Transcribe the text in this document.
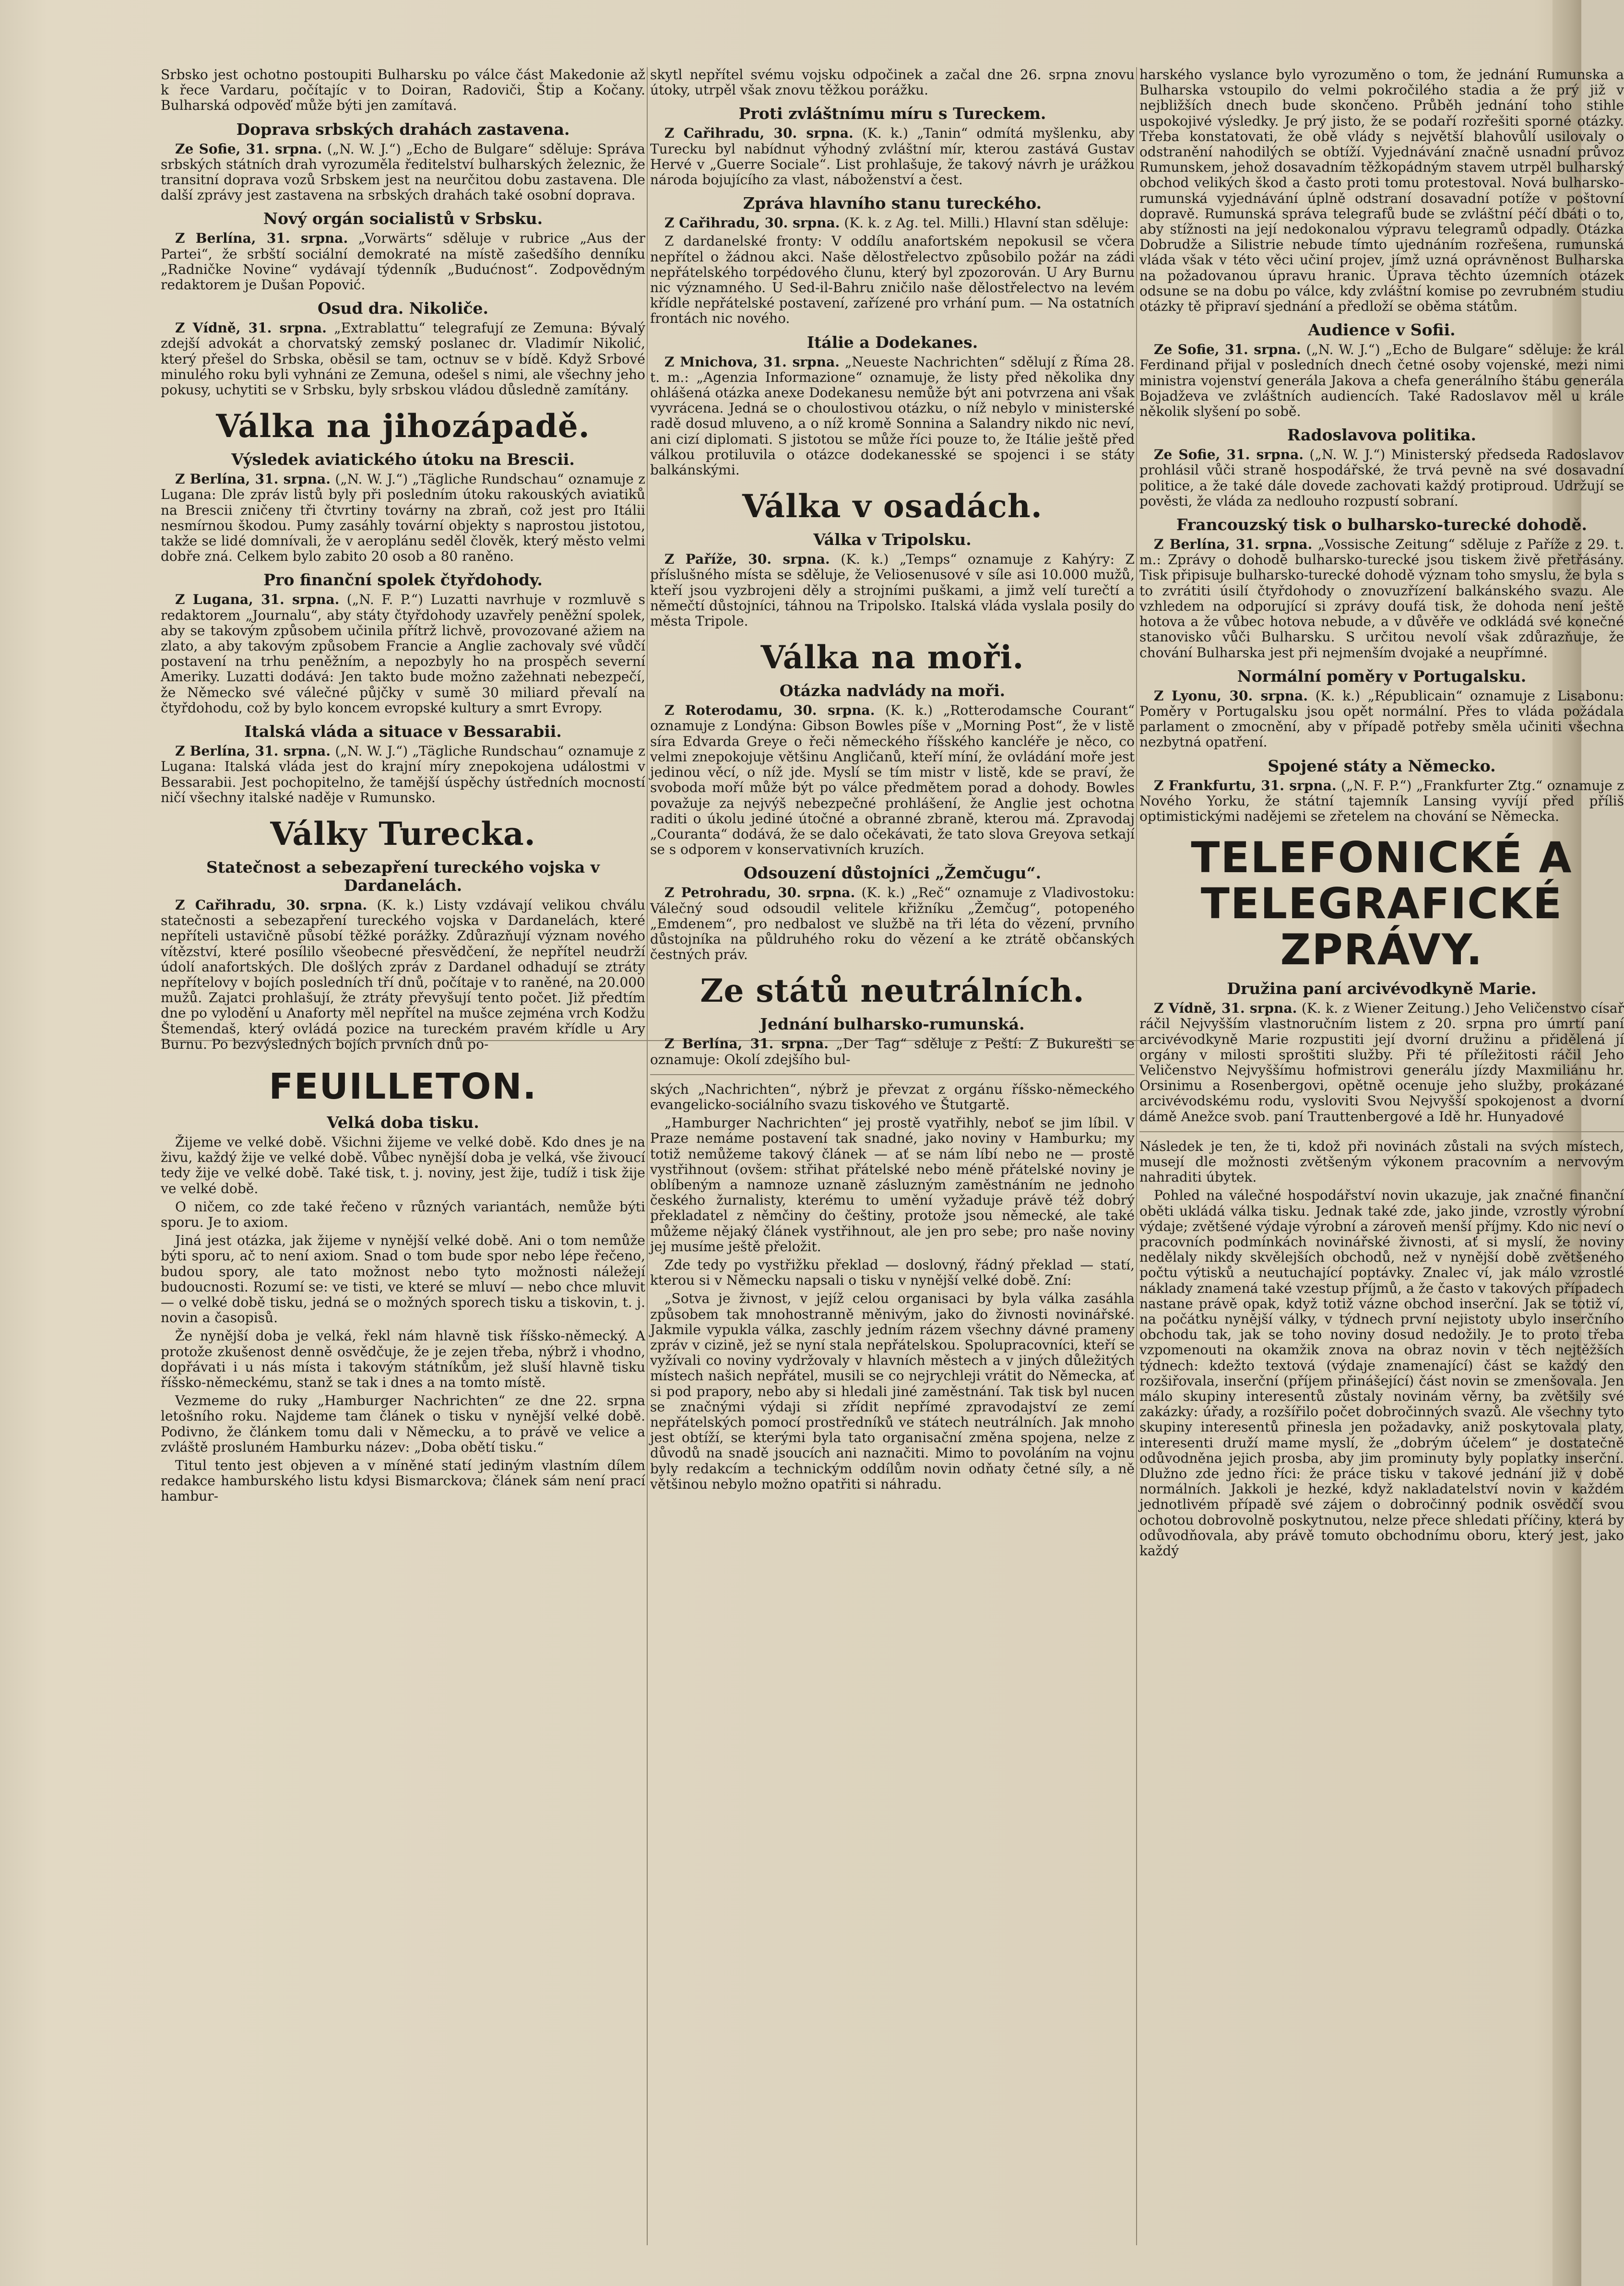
Srbsko jest ochotno postoupiti Bulharsku po válce část Makedonie až k řece Vardaru, počítajíc v to Doiran, Radoviči, Štip a Kočany. Bulharská odpověď může býti jen zamítavá.

Doprava srbských drahách zastavena.

Ze Sofie, 31. srpna. („N. W. J.“) „Echo de Bulgare“ sděluje: Správa srbských státních drah vyrozuměla ředitelství bulharských železnic, že transitní doprava vozů Srbskem jest na neurčitou dobu zastavena. Dle další zprávy jest zastavena na srbských drahách také osobní doprava.

Nový orgán socialistů v Srbsku.

Z Berlína, 31. srpna. „Vorwärts“ sděluje v rubrice „Aus der Partei“, že srbští sociální demokraté na místě zašedšího denníku „Radničke Novine“ vydávají týdenník „Budućnost“. Zodpovědným redaktorem je Dušan Popović.

Osud dra. Nikoliče.

Z Vídně, 31. srpna. „Extrablattu“ telegrafují ze Zemuna: Bývalý zdejší advokát a chorvatský zemský poslanec dr. Vladimír Nikolić, který přešel do Srbska, oběsil se tam, octnuv se v bídě. Když Srbové minulého roku byli vyhnáni ze Zemuna, odešel s nimi, ale všechny jeho pokusy, uchytiti se v Srbsku, byly srbskou vládou důsledně zamítány.

Válka na jihozápadě.
Výsledek aviatického útoku na Brescii.

Z Berlína, 31. srpna. („N. W. J.“) „Tägliche Rundschau“ oznamuje z Lugana: Dle zpráv listů byly při posledním útoku rakouských aviatiků na Brescii zničeny tři čtvrtiny továrny na zbraň, což jest pro Itálii nesmírnou škodou. Pumy zasáhly tovární objekty s naprostou jistotou, takže se lidé domnívali, že v aeroplánu seděl člověk, který město velmi dobře zná. Celkem bylo zabito 20 osob a 80 raněno.

Pro finanční spolek čtyřdohody.

Z Lugana, 31. srpna. („N. F. P.“) Luzatti navrhuje v rozmluvě s redaktorem „Journalu“, aby státy čtyřdohody uzavřely peněžní spolek, aby se takovým způsobem učinila přítrž lichvě, provozované ažiem na zlato, a aby takovým způsobem Francie a Anglie zachovaly své vůdčí postavení na trhu peněžním, a nepozbyly ho na prospěch severní Ameriky. Luzatti dodává: Jen takto bude možno zažehnati nebezpečí, že Německo své válečné půjčky v sumě 30 miliard převalí na čtyřdohodu, což by bylo koncem evropské kultury a smrt Evropy.

Italská vláda a situace v Bessarabii.

Z Berlína, 31. srpna. („N. W. J.“) „Tägliche Rundschau“ oznamuje z Lugana: Italská vláda jest do krajní míry znepokojena událostmi v Bessarabii. Jest pochopitelno, že tamější úspěchy ústředních mocností ničí všechny italské naděje v Rumunsko.

Války Turecka.
Statečnost a sebezapření tureckého vojska v Dardanelách.

Z Cařihradu, 30. srpna. (K. k.) Listy vzdávají velikou chválu statečnosti a sebezapření tureckého vojska v Dardanelách, které nepříteli ustavičně působí těžké porážky. Zdůrazňují význam nového vítězství, které posílilo všeobecné přesvědčení, že nepřítel neudrží údolí anafortských. Dle došlých zpráv z Dardanel odhadují se ztráty nepřítelovy v bojích posledních tří dnů, počítaje v to raněné, na 20.000 mužů. Zajatci prohlašují, že ztráty převyšují tento počet. Již předtím dne po vylodění u Anaforty měl nepřítel na mušce zejména vrch Kodžu Štemendaš, který ovládá pozice na tureckém pravém křídle u Ary Burnu. Po bezvýsledných bojích prvních dnů po-

FEUILLETON.
Velká doba tisku.

Žijeme ve velké době. Všichni žijeme ve velké době. Kdo dnes je na živu, každý žije ve velké době. Vůbec nynější doba je velká, vše živoucí tedy žije ve velké době. Také tisk, t. j. noviny, jest žije, tudíž i tisk žije ve velké době.

O ničem, co zde také řečeno v různých variantách, nemůže býti sporu. Je to axiom.

Jiná jest otázka, jak žijeme v nynější velké době. Ani o tom nemůže býti sporu, ač to není axiom. Snad o tom bude spor nebo lépe řečeno, budou spory, ale tato možnost nebo tyto možnosti náležejí budoucnosti. Rozumí se: ve tisti, ve které se mluví — nebo chce mluvit — o velké době tisku, jedná se o možných sporech tisku a tiskovin, t. j. novin a časopisů.

Že nynější doba je velká, řekl nám hlavně tisk říšsko-německý. A protože zkušenost denně osvědčuje, že je zejen třeba, nýbrž i vhodno, dopřávati i u nás místa i takovým státníkům, jež sluší hlavně tisku říšsko-německému, stanž se tak i dnes a na tomto místě.

Vezmeme do ruky „Hamburger Nachrichten“ ze dne 22. srpna letošního roku. Najdeme tam článek o tisku v nynější velké době. Podivno, že článkem tomu dali v Německu, a to právě ve velice a zvláště prosluném Hamburku název: „Doba obětí tisku.“

Titul tento jest objeven a v míněné statí jediným vlastním dílem redakce hamburského listu kdysi Bismarckova; článek sám není prací hambur-

skytl nepřítel svému vojsku odpočinek a začal dne 26. srpna znovu útoky, utrpěl však znovu těžkou porážku.

Proti zvláštnímu míru s Tureckem.

Z Cařihradu, 30. srpna. (K. k.) „Tanin“ odmítá myšlenku, aby Turecku byl nabídnut výhodný zvláštní mír, kterou zastává Gustav Hervé v „Guerre Sociale“. List prohlašuje, že takový návrh je urážkou národa bojujícího za vlast, náboženství a čest.

Zpráva hlavního stanu tureckého.

Z Cařihradu, 30. srpna. (K. k. z Ag. tel. Milli.) Hlavní stan sděluje:

Z dardanelské fronty: V oddílu anafortském nepokusil se včera nepřítel o žádnou akci. Naše dělostřelectvo způsobilo požár na zádi nepřátelského torpédového člunu, který byl zpozorován. U Ary Burnu nic významného. U Sed-il-Bahru zničilo naše dělostřelectvo na levém křídle nepřátelské postavení, zařízené pro vrhání pum. — Na ostatních frontách nic nového.

Itálie a Dodekanes.

Z Mnichova, 31. srpna. „Neueste Nachrichten“ sdělují z Říma 28. t. m.: „Agenzia Informazione“ oznamuje, že listy před několika dny ohlášená otázka anexe Dodekanesu nemůže být ani potvrzena ani však vyvrácena. Jedná se o choulostivou otázku, o níž nebylo v ministerské radě dosud mluveno, a o níž kromě Sonnina a Salandry nikdo nic neví, ani cizí diplomati. S jistotou se může říci pouze to, že Itálie ještě před válkou protiluvila o otázce dodekanesské se spojenci i se státy balkánskými.

Válka v osadách.
Válka v Tripolsku.

Z Paříže, 30. srpna. (K. k.) „Temps“ oznamuje z Kahýry: Z příslušného místa se sděluje, že Veliosenusové v síle asi 10.000 mužů, kteří jsou vyzbrojeni děly a strojními puškami, a jimž velí turečtí a němečtí důstojníci, táhnou na Tripolsko. Italská vláda vyslala posily do města Tripole.

Válka na moři.
Otázka nadvlády na moři.

Z Roterodamu, 30. srpna. (K. k.) „Rotterodamsche Courant“ oznamuje z Londýna: Gibson Bowles píše v „Morning Post“, že v listě síra Edvarda Greye o řeči německého říšského kancléře je něco, co velmi znepokojuje většinu Angličanů, kteří míní, že ovládání moře jest jedinou věcí, o níž jde. Myslí se tím mistr v listě, kde se praví, že svoboda moří může být po válce předmětem porad a dohody. Bowles považuje za nejvýš nebezpečné prohlášení, že Anglie jest ochotna raditi o úkolu jediné útočné a obranné zbraně, kterou má. Zpravodaj „Couranta“ dodává, že se dalo očekávati, že tato slova Greyova setkají se s odporem v konservativních kruzích.

Odsouzení důstojníci „Žemčugu“.

Z Petrohradu, 30. srpna. (K. k.) „Reč“ oznamuje z Vladivostoku: Válečný soud odsoudil velitele křižníku „Žemčug“, potopeného „Emdenem“, pro nedbalost ve službě na tři léta do vězení, prvního důstojníka na půldruhého roku do vězení a ke ztrátě občanských čestných práv.

Ze států neutrálních.
Jednání bulharsko-rumunská.

Z Berlína, 31. srpna. „Der Tag“ sděluje z Peští: Z Bukurešti se oznamuje: Okolí zdejšího bul-

ských „Nachrichten“, nýbrž je převzat z orgánu říšsko-německého evangelicko-sociálního svazu tiskového ve Štutgartě.

„Hamburger Nachrichten“ jej prostě vyatřihly, neboť se jim líbil. V Praze nemáme postavení tak snadné, jako noviny v Hamburku; my totiž nemůžeme takový článek — ať se nám líbí nebo ne — prostě vystřihnout (ovšem: střihat přátelské nebo méně přátelské noviny je oblíbeným a namnoze uznaně zásluzným zaměstnáním ne jednoho českého žurnalisty, kterému to umění vyžaduje právě též dobrý překladatel z němčiny do češtiny, protože jsou německé, ale také můžeme nějaký článek vystřihnout, ale jen pro sebe; pro naše noviny jej musíme ještě přeložit.

Zde tedy po vystřižku překlad — doslovný, řádný překlad — statí, kterou si v Německu napsali o tisku v nynější velké době. Zní:

„Sotva je živnost, v jejíž celou organisaci by byla válka zasáhla způsobem tak mnohostranně měnivým, jako do živnosti novinářské. Jakmile vypukla válka, zaschly jedním rázem všechny dávné prameny zpráv v cizině, jež se nyní stala nepřátelskou. Spolupracovníci, kteří se vyžívali co noviny vydržovaly v hlavních městech a v jiných důležitých místech našich nepřátel, musili se co nejrychleji vrátit do Německa, ať si pod prapory, nebo aby si hledali jiné zaměstnání. Tak tisk byl nucen se značnými výdaji si zřídit nepřímé zpravodajství ze zemí nepřátelských pomocí prostředníků ve státech neutrálních. Jak mnoho jest obtíží, se kterými byla tato organisační změna spojena, nelze z důvodů na snadě jsoucích ani naznačiti. Mimo to povoláním na vojnu byly redakcím a technickým oddílům novin odňaty četné síly, a ně většinou nebylo možno opatřiti si náhradu.

harského vyslance bylo vyrozuměno o tom, že jednání Rumunska a Bulharska vstoupilo do velmi pokročilého stadia a že prý již v nejbližších dnech bude skončeno. Průběh jednání toho stihle uspokojivé výsledky. Je prý jisto, že se podaří rozřešiti sporné otázky. Třeba konstatovati, že obě vlády s největší blahovůlí usilovaly o odstranění nahodilých se obtíží. Vyjednávání značně usnadní průvoz Rumunskem, jehož dosavadním těžkopádným stavem utrpěl bulharský obchod velikých škod a často proti tomu protestoval. Nová bulharsko-rumunská vyjednávání úplně odstraní dosavadní potíže v poštovní dopravě. Rumunská správa telegrafů bude se zvláštní péčí dbáti o to, aby stížnosti na její nedokonalou výpravu telegramů odpadly. Otázka Dobrudže a Silistrie nebude tímto ujednáním rozřešena, rumunská vláda však v této věci učiní projev, jímž uzná oprávněnost Bulharska na požadovanou úpravu hranic. Úprava těchto územních otázek odsune se na dobu po válce, kdy zvláštní komise po zevrubném studiu otázky tě připraví sjednání a předloží se oběma státům.

Audience v Sofii.

Ze Sofie, 31. srpna. („N. W. J.“) „Echo de Bulgare“ sděluje: že král Ferdinand přijal v posledních dnech četné osoby vojenské, mezi nimi ministra vojenství generála Jakova a chefa generálního štábu generála Bojadževa ve zvláštních audiencích. Také Radoslavov měl u krále několik slyšení po sobě.

Radoslavova politika.

Ze Sofie, 31. srpna. („N. W. J.“) Ministerský předseda Radoslavov prohlásil vůči straně hospodářské, že trvá pevně na své dosavadní politice, a že také dále dovede zachovati každý protiproud. Udržují se pověsti, že vláda za nedlouho rozpustí sobraní.

Francouzský tisk o bulharsko-turecké dohodě.

Z Berlína, 31. srpna. „Vossische Zeitung“ sděluje z Paříže z 29. t. m.: Zprávy o dohodě bulharsko-turecké jsou tiskem živě přetřásány. Tisk připisuje bulharsko-turecké dohodě význam toho smyslu, že byla s to zvrátiti úsilí čtyřdohody o znovuzřízení balkánského svazu. Ale vzhledem na odporující si zprávy doufá tisk, že dohoda není ještě hotova a že vůbec hotova nebude, a v důvěře ve odkládá své konečné stanovisko vůči Bulharsku. S určitou nevolí však zdůrazňuje, že chování Bulharska jest při nejmenším dvojaké a neupřímné.

Normální poměry v Portugalsku.

Z Lyonu, 30. srpna. (K. k.) „Républicain“ oznamuje z Lisabonu: Poměry v Portugalsku jsou opět normální. Přes to vláda požádala parlament o zmocnění, aby v případě potřeby směla učiniti všechna nezbytná opatření.

Spojené státy a Německo.

Z Frankfurtu, 31. srpna. („N. F. P.“) „Frankfurter Ztg.“ oznamuje z Nového Yorku, že státní tajemník Lansing vyvíjí před příliš optimistickými nadějemi se zřetelem na chování se Německa.

TELEFONICKÉ A TELEGRAFICKÉ ZPRÁVY.
Družina paní arcivévodkyně Marie.

Z Vídně, 31. srpna. (K. k. z Wiener Zeitung.) Jeho Veličenstvo císař ráčil Nejvyšším vlastnoručním listem z 20. srpna pro úmrtí paní arcivévodkyně Marie rozpustiti její dvorní družinu a přidělená jí orgány v milosti sproštiti služby. Při té příležitosti ráčil Jeho Veličenstvo Nejvyššímu hofmistrovi generálu jízdy Maxmiliánu hr. Orsinimu a Rosenbergovi, opětně ocenuje jeho služby, prokázané arcivévodskému rodu, vysloviti Svou Nejvyšší spokojenost a dvorní dámě Anežce svob. paní Trauttenbergové a Idě hr. Hunyadové

Následek je ten, že ti, kdož při novinách zůstali na svých místech, musejí dle možnosti zvětšeným výkonem pracovním a nervovým nahraditi úbytek.

Pohled na válečné hospodářství novin ukazuje, jak značné finanční oběti ukládá válka tisku. Jednak také zde, jako jinde, vzrostly výrobní výdaje; zvětšené výdaje výrobní a zároveň menší příjmy. Kdo nic neví o pracovních podmínkách novinářské živnosti, ať si myslí, že noviny nedělaly nikdy skvělejších obchodů, než v nynější době zvětšeného počtu výtisků a neutuchající poptávky. Znalec ví, jak málo vzrostlé náklady znamená také vzestup příjmů, a že často v takových případech nastane právě opak, když totiž vázne obchod inserční. Jak se totiž ví, na počátku nynější války, v týdnech první nejistoty ubylo inserčního obchodu tak, jak se toho noviny dosud nedožily. Je to proto třeba vzpomenouti na okamžik znova na obraz novin v těch nejtěžších týdnech: kdežto textová (výdaje znamenající) část se každý den rozšiřovala, inserční (příjem přinášející) část novin se zmenšovala. Jen málo skupiny interesentů zůstaly novinám věrny, ba zvětšily své zakázky: úřady, a rozšířilo počet dobročinných svazů. Ale všechny tyto skupiny interesentů přinesla jen požadavky, aniž poskytovala platy, interesenti druží mame myslí, že „dobrým účelem“ je dostatečně odůvodněna jejich prosba, aby jim prominuty byly poplatky inserční. Dlužno zde jedno říci: že práce tisku v takové jednání již v době normálních. Jakkoli je hezké, když nakladatelství novin v každém jednotlivém případě své zájem o dobročinný podnik osvědčí svou ochotou dobrovolně poskytnutou, nelze přece shledati příčiny, která by odůvodňovala, aby právě tomuto obchodnímu oboru, který jest, jako každý
